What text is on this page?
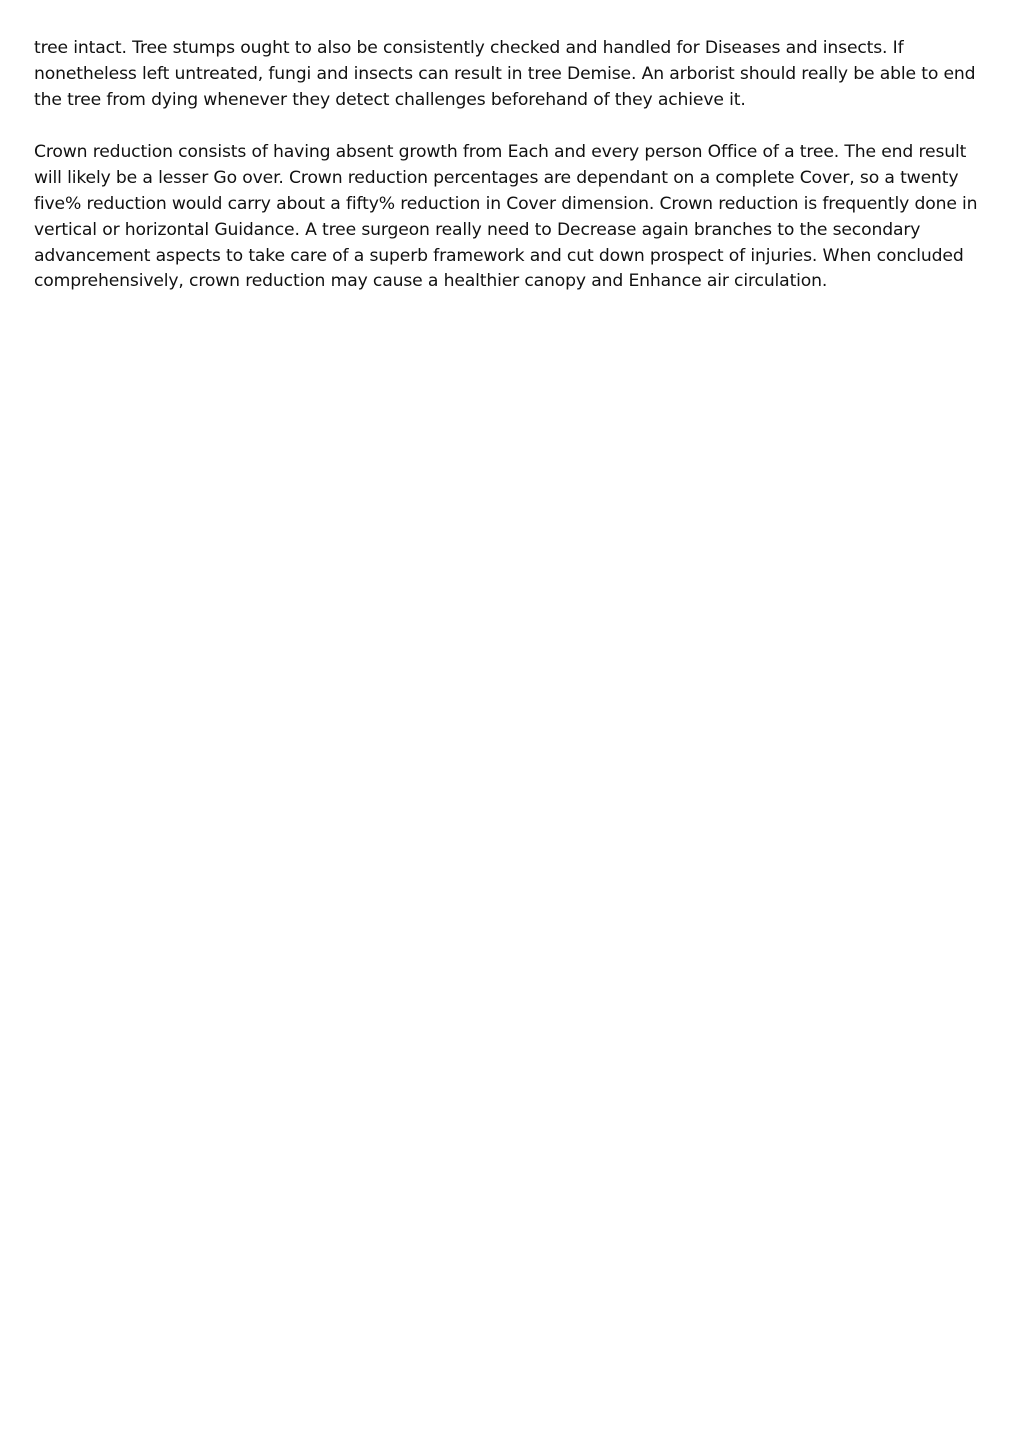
tree intact. Tree stumps ought to also be consistently checked and handled for Diseases and insects. If nonetheless left untreated, fungi and insects can result in tree Demise. An arborist should really be able to end the tree from dying whenever they detect challenges beforehand of they achieve it.

Crown reduction consists of having absent growth from Each and every person Office of a tree. The end result will likely be a lesser Go over. Crown reduction percentages are dependant on a complete Cover, so a twenty five% reduction would carry about a fifty% reduction in Cover dimension. Crown reduction is frequently done in vertical or horizontal Guidance. A tree surgeon really need to Decrease again branches to the secondary advancement aspects to take care of a superb framework and cut down prospect of injuries. When concluded comprehensively, crown reduction may cause a healthier canopy and Enhance air circulation.
